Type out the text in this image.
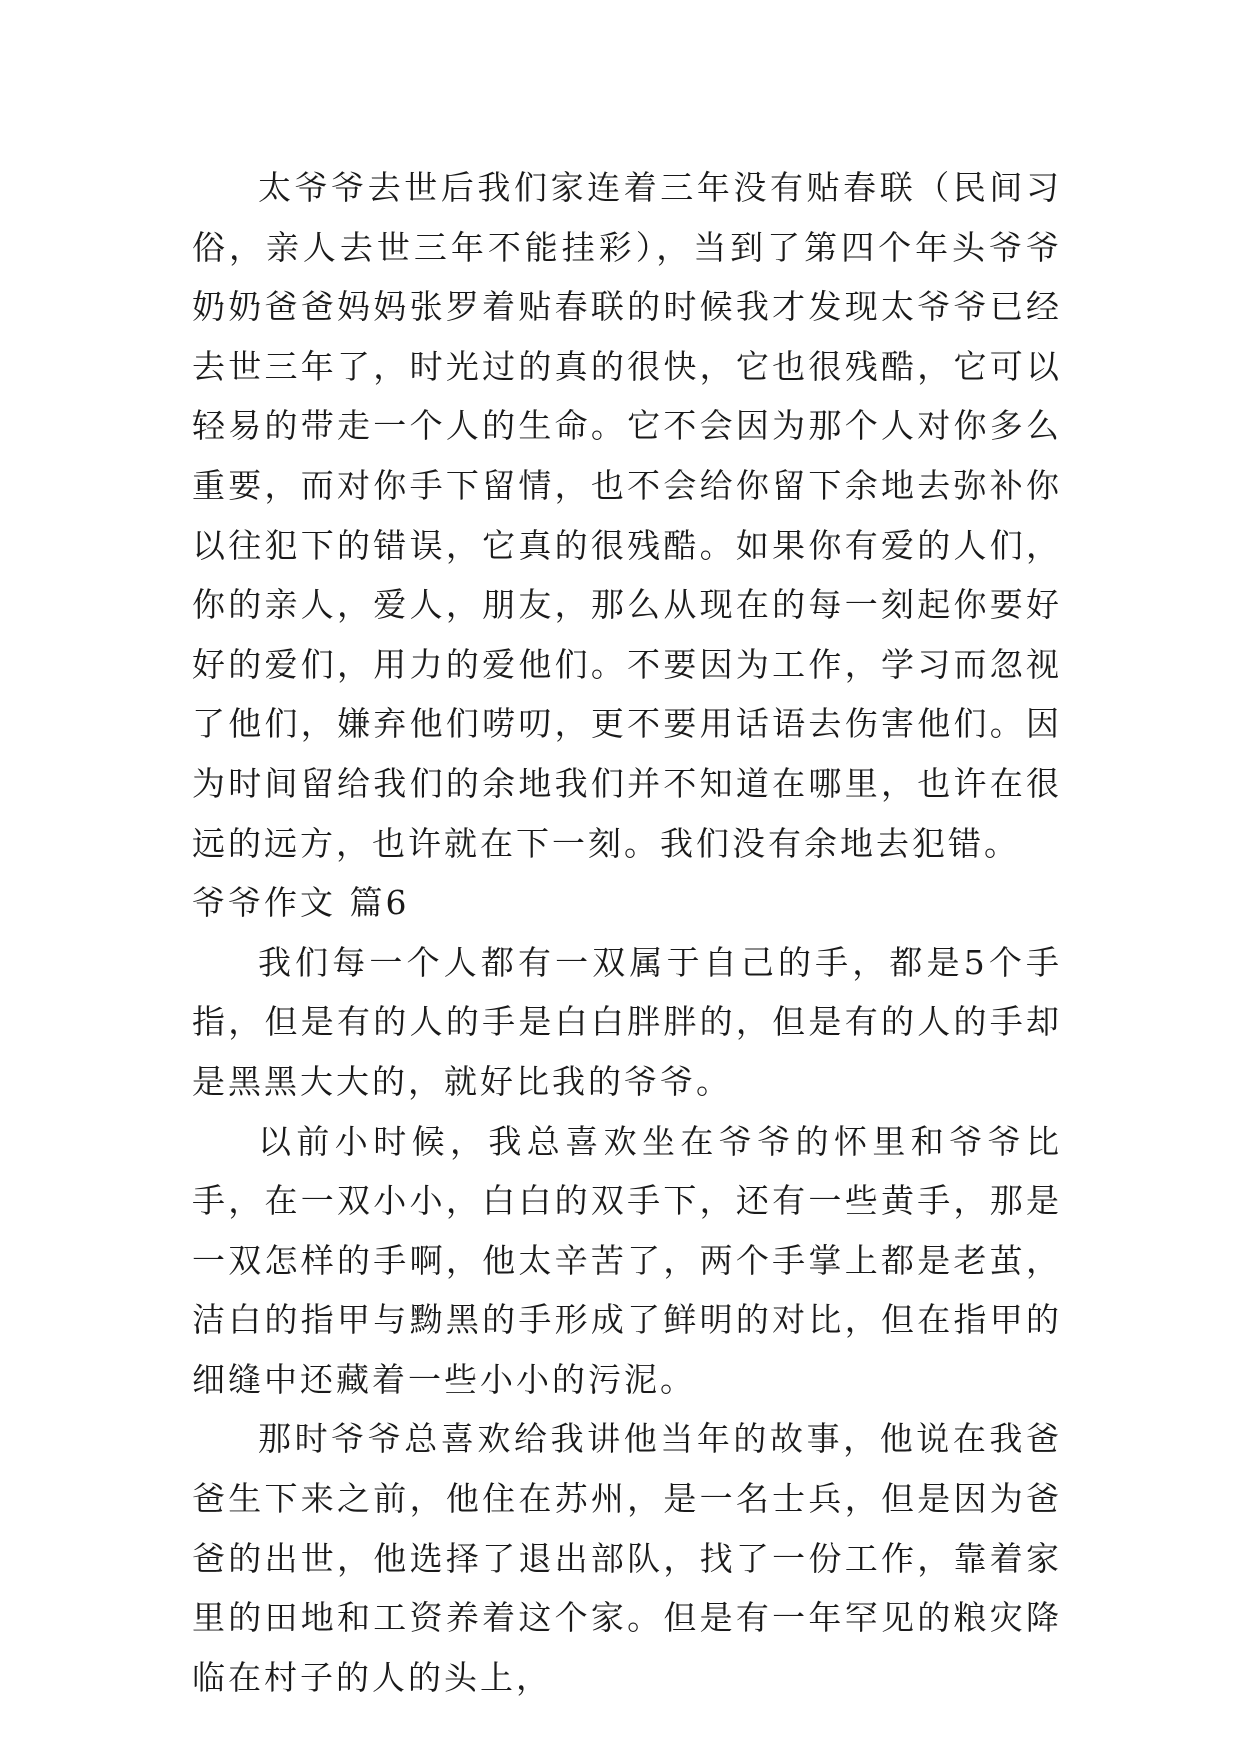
太爷爷去世后我们家连着三年没有贴春联（民间习俗，亲人去世三年不能挂彩），当到了第四个年头爷爷奶奶爸爸妈妈张罗着贴春联的时候我才发现太爷爷已经去世三年了，时光过的真的很快，它也很残酷，它可以轻易的带走一个人的生命。它不会因为那个人对你多么重要，而对你手下留情，也不会给你留下余地去弥补你以往犯下的错误，它真的很残酷。如果你有爱的人们，你的亲人，爱人，朋友，那么从现在的每一刻起你要好好的爱们，用力的爱他们。不要因为工作，学习而忽视了他们，嫌弃他们唠叨，更不要用话语去伤害他们。因为时间留给我们的余地我们并不知道在哪里，也许在很远的远方，也许就在下一刻。我们没有余地去犯错。

爷爷作文 篇6

我们每一个人都有一双属于自己的手，都是5个手指，但是有的人的手是白白胖胖的，但是有的人的手却是黑黑大大的，就好比我的爷爷。

以前小时候，我总喜欢坐在爷爷的怀里和爷爷比手，在一双小小，白白的双手下，还有一些黄手，那是一双怎样的手啊，他太辛苦了，两个手掌上都是老茧，洁白的指甲与黝黑的手形成了鲜明的对比，但在指甲的细缝中还藏着一些小小的污泥。

那时爷爷总喜欢给我讲他当年的故事，他说在我爸爸生下来之前，他住在苏州，是一名士兵，但是因为爸爸的出世，他选择了退出部队，找了一份工作，靠着家里的田地和工资养着这个家。但是有一年罕见的粮灾降临在村子的人的头上，
